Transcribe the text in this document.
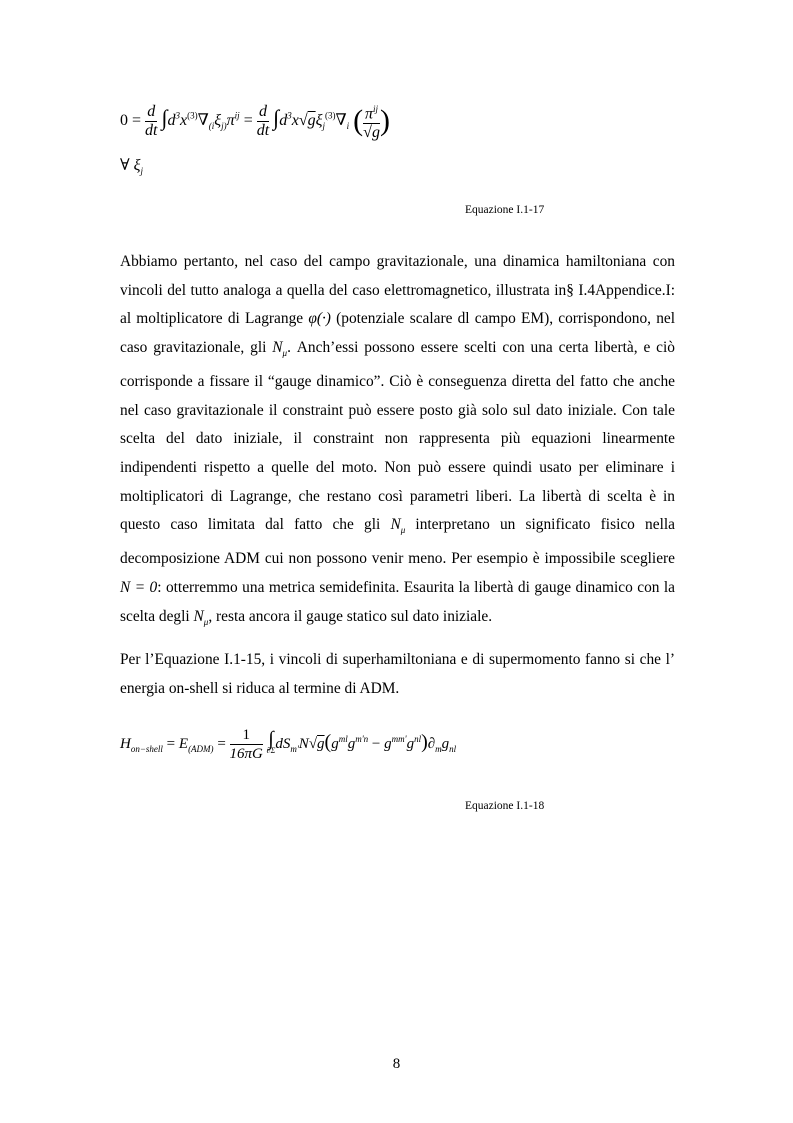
$0 = \frac{d}{dt} \int d^3x^{(3)}\nabla_{(i}\xi_{j)}\pi^{ij} = \frac{d}{dt} \int d^3x√g\xi_j^{(3)}\nabla_i$ ( $\frac{\pi^{ij}}{√g}$ )
∀ $\xi_j$
Equazione I.1-17

Abbiamo pertanto, nel caso del campo gravitazionale, una dinamica hamiltoniana con vincoli del tutto analoga a quella del caso elettromagnetico, illustrata in§ I.4Appendice.I: al moltiplicatore di Lagrange φ(·) (potenziale scalare dl campo EM), corrispondono, nel caso gravitazionale, gli $N_\mu$. Anch’essi possono essere scelti con una certa libertà, e ciò corrisponde a fissare il “gauge dinamico”. Ciò è conseguenza diretta del fatto che anche nel caso gravitazionale il constraint può essere posto già solo sul dato iniziale. Con tale scelta del dato iniziale, il constraint non rappresenta più equazioni linearmente indipendenti rispetto a quelle del moto. Non può essere quindi usato per eliminare i moltiplicatori di Lagrange, che restano così parametri liberi. La libertà di scelta è in questo caso limitata dal fatto che gli $N_\mu$ interpretano un significato fisico nella decomposizione ADM cui non possono venir meno. Per esempio è impossibile scegliere N = 0: otterremmo una metrica semidefinita. Esaurita la libertà di gauge dinamico con la scelta degli $N_\mu$, resta ancora il gauge statico sul dato iniziale.

Per l’Equazione I.1-15, i vincoli di superhamiltoniana e di supermomento fanno si che l’ energia on-shell si riduca al termine di ADM.

$H_{on-shell} = E_{(ADM)} = \frac{1}{16\pi G}$
∫
∂Σ $dS_{m'}N√g(g^{ml}g^{m'n} - g^{mm'}g^{nl})\partial_mg_{nl}$
Equazione I.1-18
8
